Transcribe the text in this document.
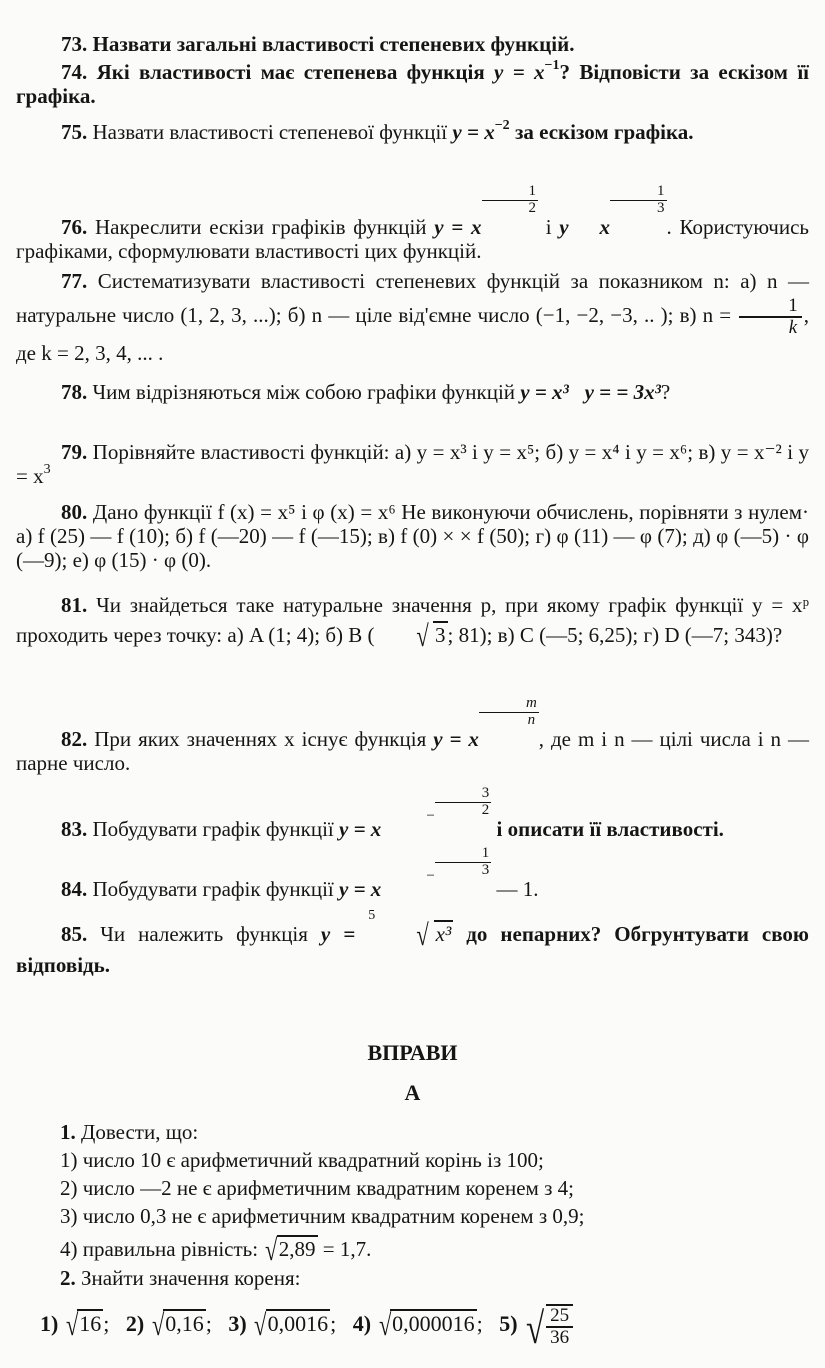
73. Назвати загальні властивості степеневих функцій.
74. Які властивості має степенева функція $y = x^{-1}$? Відповісти за ескізом її графіка.
75. Назвати властивості степеневої функції $y = x^{-2}$ за ескізом графіка.
76. Накреслити ескізи графіків функцій y = x
$\frac{1}{2}$
і y x
$\frac{1}{3}$
. Користуючись графіками, сформулювати властивості цих функцій.
77. Систематизувати властивості степеневих функцій за показником n: а) n — натуральне число (1, 2, 3, ...); б) n — ціле від'ємне число (−1, −2, −3, .. ); в) $n = \frac{1}{k}$ , де k = 2, 3, 4, ... .
78. Чим відрізняються між собою графіки функцій y = x³ y = = 3x³?
79. Порівняйте властивості функцій: а) y = x³ і y = x⁵; б) y = x⁴ і y = x⁶; в) y = x⁻² і $y = x^3$
80. Дано функції f (x) = x⁵ і φ (x) = x⁶ Не виконуючи обчислень, порівняти з нулем· а) f (25) — f (10); б) f (—20) — f (—15); в) f (0) × × f (50); г) φ (11) — φ (7); д) φ (—5) · φ (—9); е) φ (15) · φ (0).
81. Чи знайдеться таке натуральне значення p, при якому графік функції y = xᵖ проходить через точку: а) A (1; 4); б) B ( √ 3; 81); в) C (—5; 6,25); г) D (—7; 343)?
82. При яких значеннях x існує функція y = x
$\frac{m}{n}$
, де m і n — цілі числа і n — парне число.
83. Побудувати графік функції $y = x- \frac{3}{2}$
і описати її властивості.
84. Побудувати графік функції $y = x- \frac{1}{3}$
— 1.
85. Чи належить функція y = $^5$√ x³ до непарних? Обгрунтувати свою відповідь.
ВПРАВИ
А
1. Довести, що:
1) число 10 є арифметичний квадратний корінь із 100;
2) число —2 не є арифметичним квадратним коренем з 4;
3) число 0,3 не є арифметичним квадратним коренем з 0,9;
4) правильна рівність: √2,89 = 1,7.
2. Знайти значення кореня:
1) √16;   2) √0,16;   3) √0,0016;   4) √0,000016;   5) √ $\frac{25}{36}$
